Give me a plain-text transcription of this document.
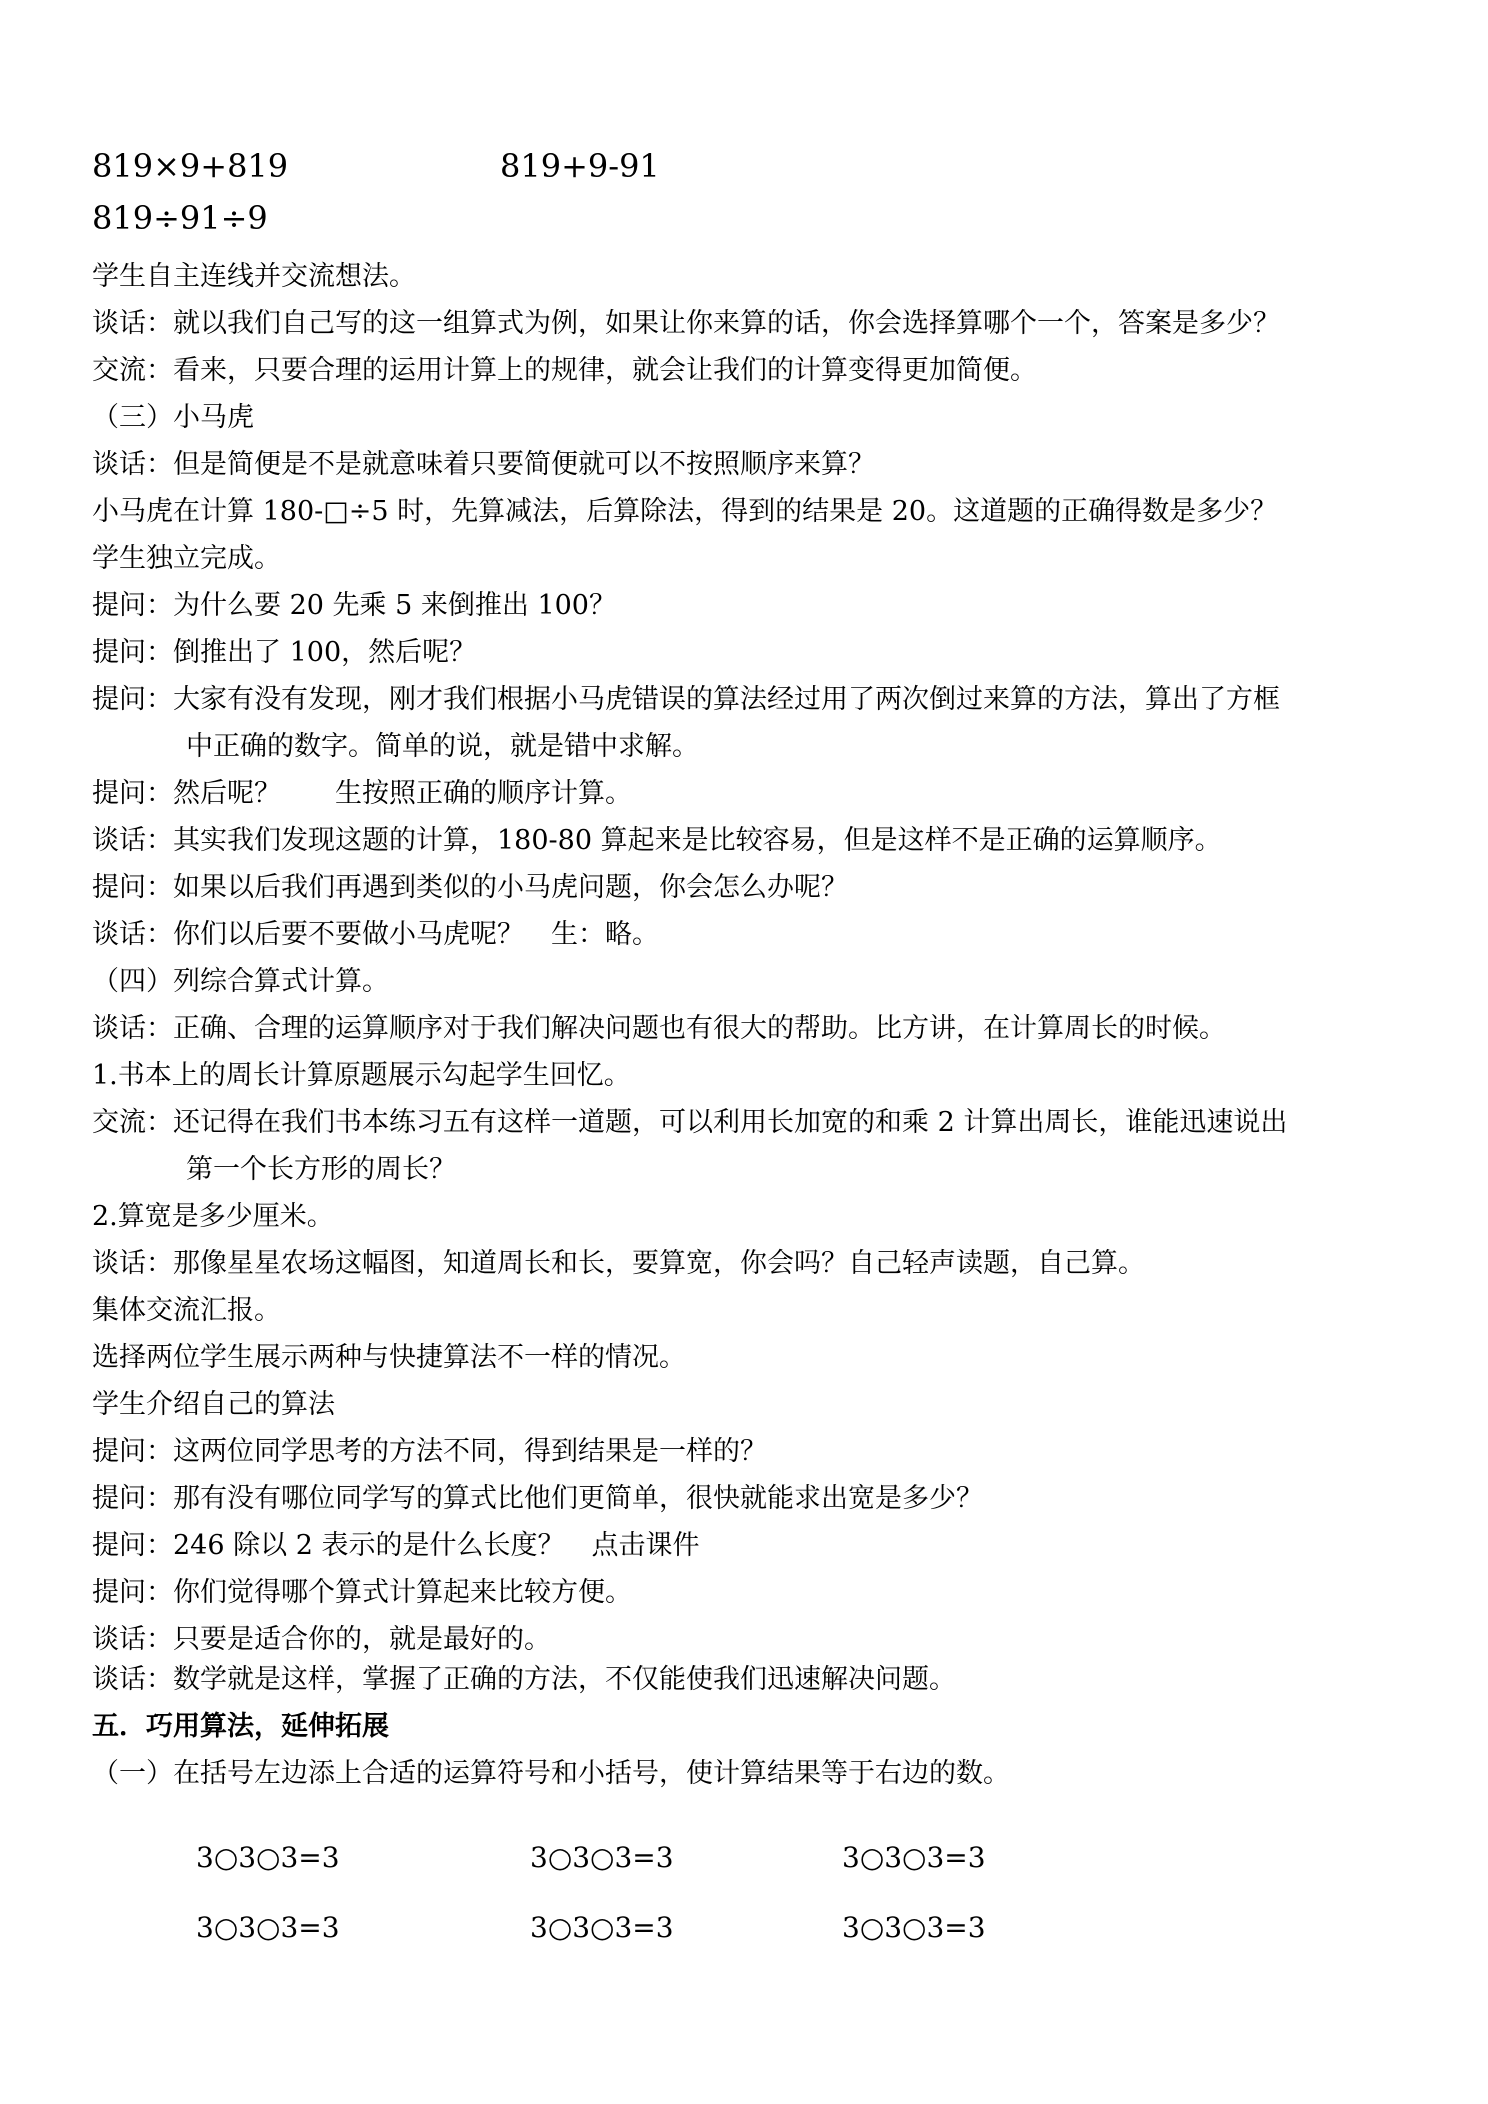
819×9+819	819+9-91
819÷91÷9
学生自主连线并交流想法。
谈话：就以我们自己写的这一组算式为例，如果让你来算的话，你会选择算哪个一个，答案是多少？
交流：看来，只要合理的运用计算上的规律，就会让我们的计算变得更加简便。
（三）小马虎
谈话：但是简便是不是就意味着只要简便就可以不按照顺序来算？
小马虎在计算 180-□÷5 时，先算减法，后算除法，得到的结果是 20。这道题的正确得数是多少？
学生独立完成。
提问：为什么要 20 先乘 5 来倒推出 100？
提问：倒推出了 100，然后呢？
提问：大家有没有发现，刚才我们根据小马虎错误的算法经过用了两次倒过来算的方法，算出了方框
中正确的数字。简单的说，就是错中求解。
提问：然后呢？　　生按照正确的顺序计算。
谈话：其实我们发现这题的计算，180-80 算起来是比较容易，但是这样不是正确的运算顺序。
提问：如果以后我们再遇到类似的小马虎问题，你会怎么办呢？
谈话：你们以后要不要做小马虎呢？　生：略。
（四）列综合算式计算。
谈话：正确、合理的运算顺序对于我们解决问题也有很大的帮助。比方讲，在计算周长的时候。
1.书本上的周长计算原题展示勾起学生回忆。
交流：还记得在我们书本练习五有这样一道题，可以利用长加宽的和乘 2 计算出周长，谁能迅速说出
第一个长方形的周长？
2.算宽是多少厘米。
谈话：那像星星农场这幅图，知道周长和长，要算宽，你会吗？自己轻声读题，自己算。
集体交流汇报。
选择两位学生展示两种与快捷算法不一样的情况。
学生介绍自己的算法
提问：这两位同学思考的方法不同，得到结果是一样的？
提问：那有没有哪位同学写的算式比他们更简单，很快就能求出宽是多少？
提问：246 除以 2 表示的是什么长度？　点击课件
提问：你们觉得哪个算式计算起来比较方便。
谈话：只要是适合你的，就是最好的。
谈话：数学就是这样，掌握了正确的方法，不仅能使我们迅速解决问题。
五．巧用算法，延伸拓展
（一）在括号左边添上合适的运算符号和小括号，使计算结果等于右边的数。
3○3○3=3	3○3○3=3	3○3○3=3
3○3○3=3	3○3○3=3	3○3○3=3
